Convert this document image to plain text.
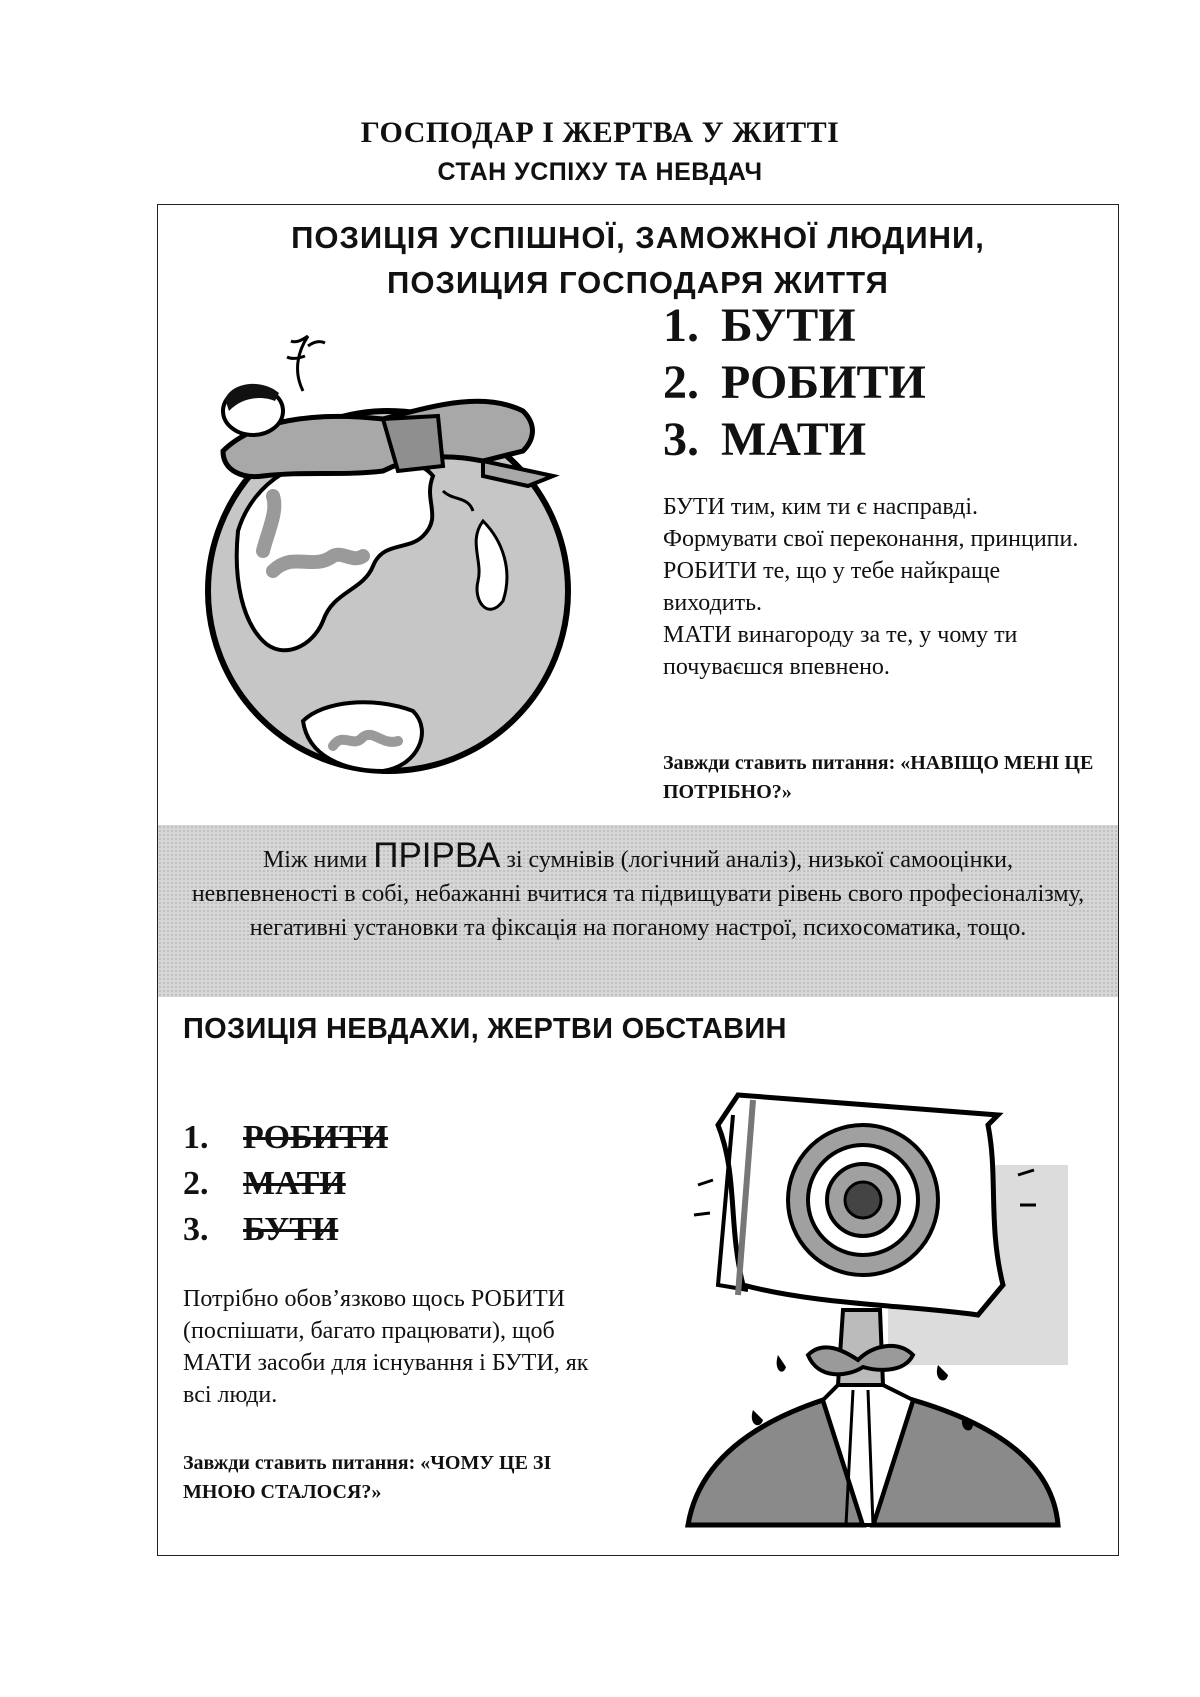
ГОСПОДАР І ЖЕРТВА У ЖИТТІ
СТАН УСПІХУ ТА НЕВДАЧ
ПОЗИЦІЯ УСПІШНОЇ, ЗАМОЖНОЇ ЛЮДИНИ,
ПОЗИЦИЯ ГОСПОДАРЯ ЖИТТЯ
1. БУТИ
2. РОБИТИ
3. МАТИ

БУТИ тим, ким ти є насправді.

Формувати свої переконання, принципи.

РОБИТИ те, що у тебе найкраще виходить.

МАТИ винагороду за те, у чому ти почуваєшся впевнено.

Завжди ставить питання: «НАВІЩО МЕНІ ЦЕ ПОТРІБНО?»
Між ними ПРІРВА зі сумнівів (логічний аналіз), низької самооцінки, невпевненості в собі, небажанні вчитися та підвищувати рівень свого професіоналізму, негативні установки та фіксація на поганому настрої, психосоматика, тощо.
ПОЗИЦІЯ НЕВДАХИ, ЖЕРТВИ ОБСТАВИН
1. РОБИТИ
2. МАТИ
3. БУТИ
Потрібно обов’язково щось РОБИТИ (поспішати, багато працювати), щоб МАТИ засоби для існування і БУТИ, як всі люди.
Завжди ставить питання: «ЧОМУ ЦЕ ЗІ МНОЮ СТАЛОСЯ?»
